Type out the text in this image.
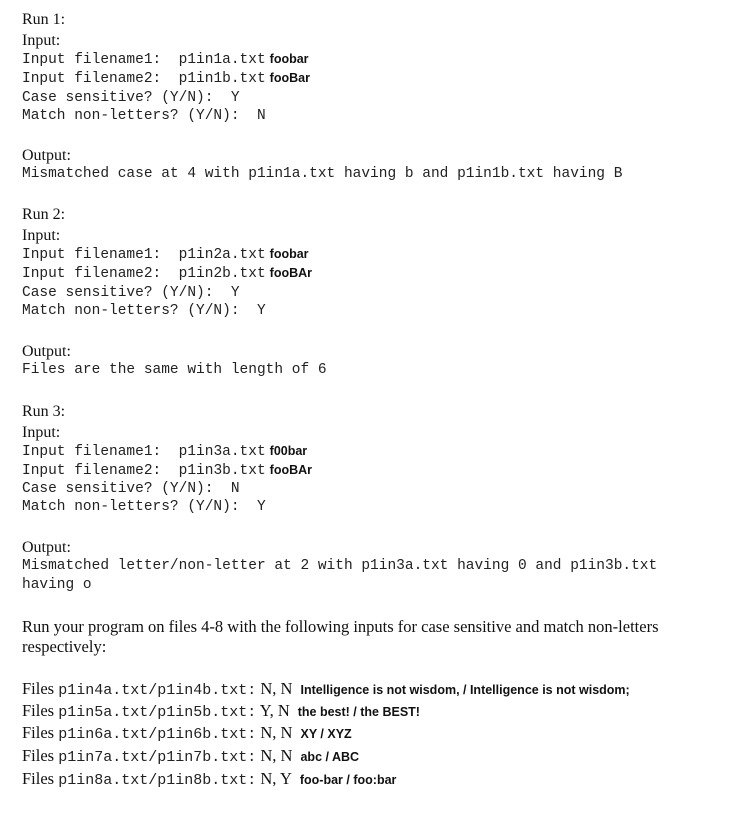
Run 1:
Input:
Input filename1:  p1in1a.txt foobar
Input filename2:  p1in1b.txt fooBar
Case sensitive? (Y/N):  Y
Match non-letters? (Y/N):  N
Output:
Mismatched case at 4 with p1in1a.txt having b and p1in1b.txt having B
Run 2:
Input:
Input filename1:  p1in2a.txt foobar
Input filename2:  p1in2b.txt fooBAr
Case sensitive? (Y/N):  Y
Match non-letters? (Y/N):  Y
Output:
Files are the same with length of 6
Run 3:
Input:
Input filename1:  p1in3a.txt f00bar
Input filename2:  p1in3b.txt fooBAr
Case sensitive? (Y/N):  N
Match non-letters? (Y/N):  Y
Output:
Mismatched letter/non-letter at 2 with p1in3a.txt having 0 and p1in3b.txt
having o
Run your program on files 4-8 with the following inputs for case sensitive and match non-letters
respectively:
Files p1in4a.txt/p1in4b.txt: N, N Intelligence is not wisdom, / Intelligence is not wisdom;
Files p1in5a.txt/p1in5b.txt: Y, N the best! / the BEST!
Files p1in6a.txt/p1in6b.txt: N, N XY / XYZ
Files p1in7a.txt/p1in7b.txt: N, N abc / ABC
Files p1in8a.txt/p1in8b.txt: N, Y foo-bar / foo:bar
